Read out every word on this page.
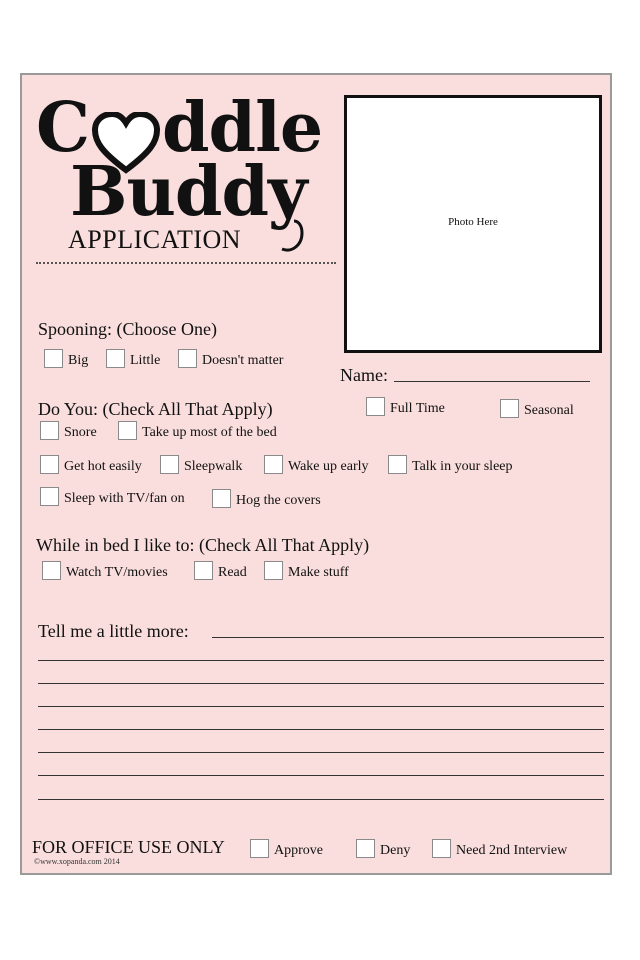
C ddle
Buddy
APPLICATION
Photo Here
Spooning: (Choose One)
Big	Little	Doesn't matter
Name:
Do You: (Check All That Apply)	Full Time	Seasonal
Snore	Take up most of the bed
Get hot easily	Sleepwalk	Wake up early	Talk in your sleep
Sleep with TV/fan on	Hog the covers
While in bed I like to: (Check All That Apply)
Watch TV/movies	Read	Make stuff
Tell me a little more:
FOR OFFICE USE ONLY
©www.xopanda.com 2014
Approve	Deny	Need 2nd Interview
